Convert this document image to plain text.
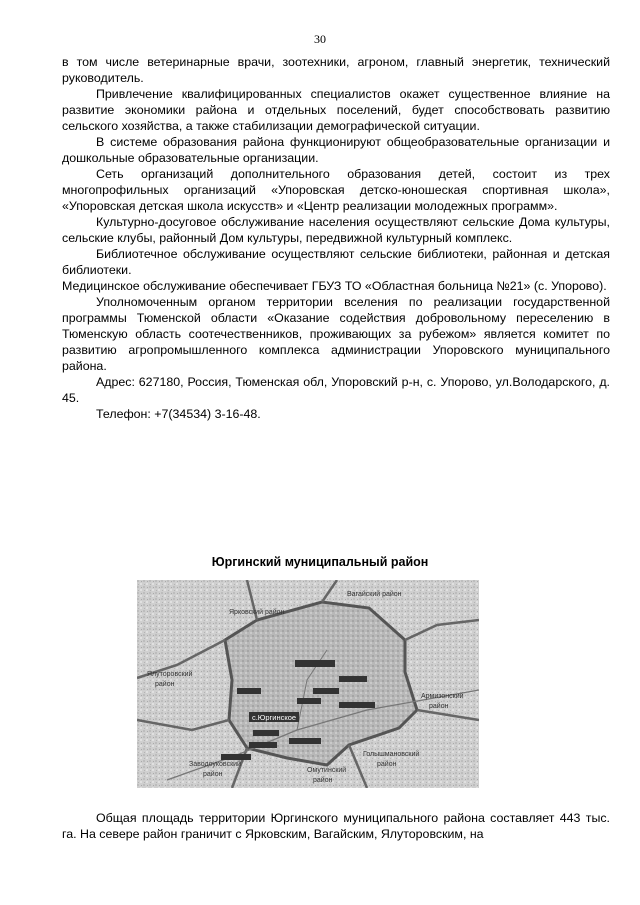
30

в том числе ветеринарные врачи, зоотехники, агроном, главный энергетик, технический руководитель.

Привлечение квалифицированных специалистов окажет существенное влияние на развитие экономики района и отдельных поселений, будет способствовать развитию сельского хозяйства, а также стабилизации демографической ситуации.

В системе образования района функционируют общеобразовательные организации и дошкольные образовательные организации.

Сеть организаций дополнительного образования детей, состоит из трех многопрофильных организаций «Упоровская детско-юношеская спортивная школа», «Упоровская детская школа искусств» и «Центр реализации молодежных программ».

Культурно-досуговое обслуживание населения осуществляют сельские Дома культуры, сельские клубы, районный Дом культуры, передвижной культурный комплекс.

Библиотечное обслуживание осуществляют сельские библиотеки, районная и детская библиотеки.

Медицинское обслуживание обеспечивает ГБУЗ ТО «Областная больница №21» (с. Упорово).

Уполномоченным органом территории вселения по реализации государственной программы Тюменской области «Оказание содействия добровольному переселению в Тюменскую область соотечественников, проживающих за рубежом» является комитет по развитию агропромышленного комплекса администрации Упоровского муниципального района.

Адрес: 627180, Россия, Тюменская обл, Упоровский р-н, с. Упорово, ул.Володарского, д. 45.

Телефон: +7(34534) 3-16-48.

Юргинский муниципальный район
Ярковский район
Вагайский район
Ялуторовский
район
Армизонский
район
Голышмановский
район
Заводоуковский
район
Омутинский
район
с.Юргинское

Общая площадь территории Юргинского муниципального района составляет 443 тыс. га. На севере район граничит с Ярковским, Вагайским, Ялуторовским, на
